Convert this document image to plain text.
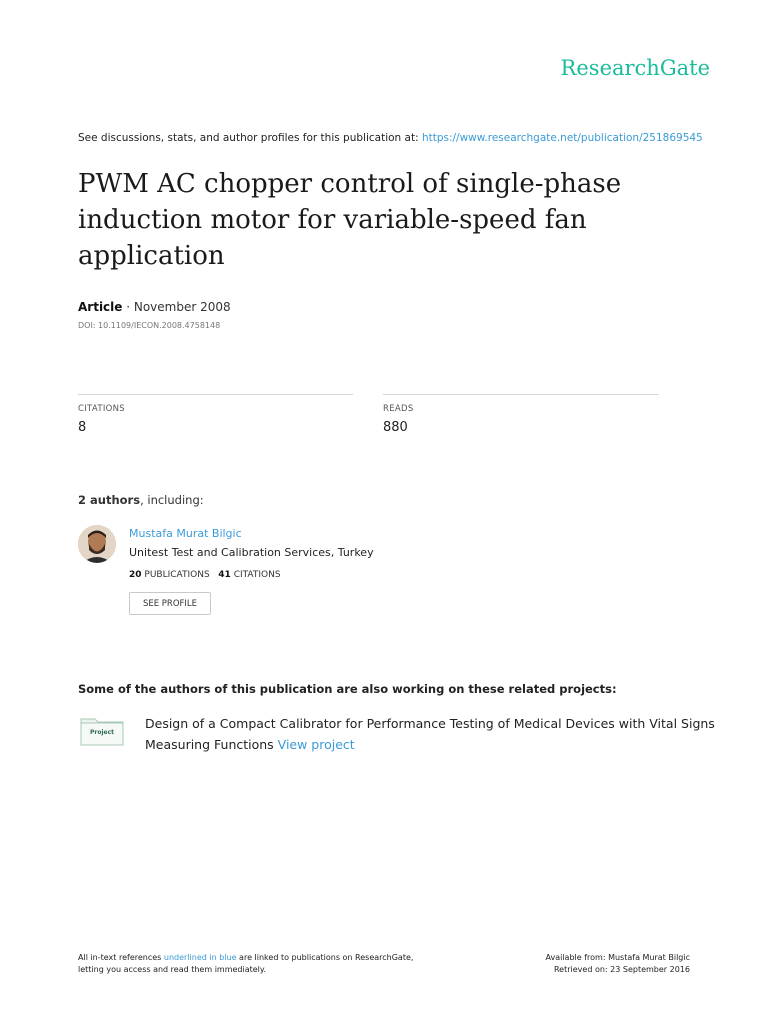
ResearchGate
See discussions, stats, and author profiles for this publication at: https://www.researchgate.net/publication/251869545
PWM AC chopper control of single-phase
induction motor for variable-speed fan
application
Article · November 2008
DOI: 10.1109/IECON.2008.4758148
CITATIONS
8
READS
880
2 authors, including:
Mustafa Murat Bilgic
Unitest Test and Calibration Services, Turkey
20 PUBLICATIONS 41 CITATIONS
SEE PROFILE
Some of the authors of this publication are also working on these related projects:
Project
Design of a Compact Calibrator for Performance Testing of Medical Devices with Vital Signs
Measuring Functions View project
All in-text references underlined in blue are linked to publications on ResearchGate,
letting you access and read them immediately.
Available from: Mustafa Murat Bilgic
Retrieved on: 23 September 2016
